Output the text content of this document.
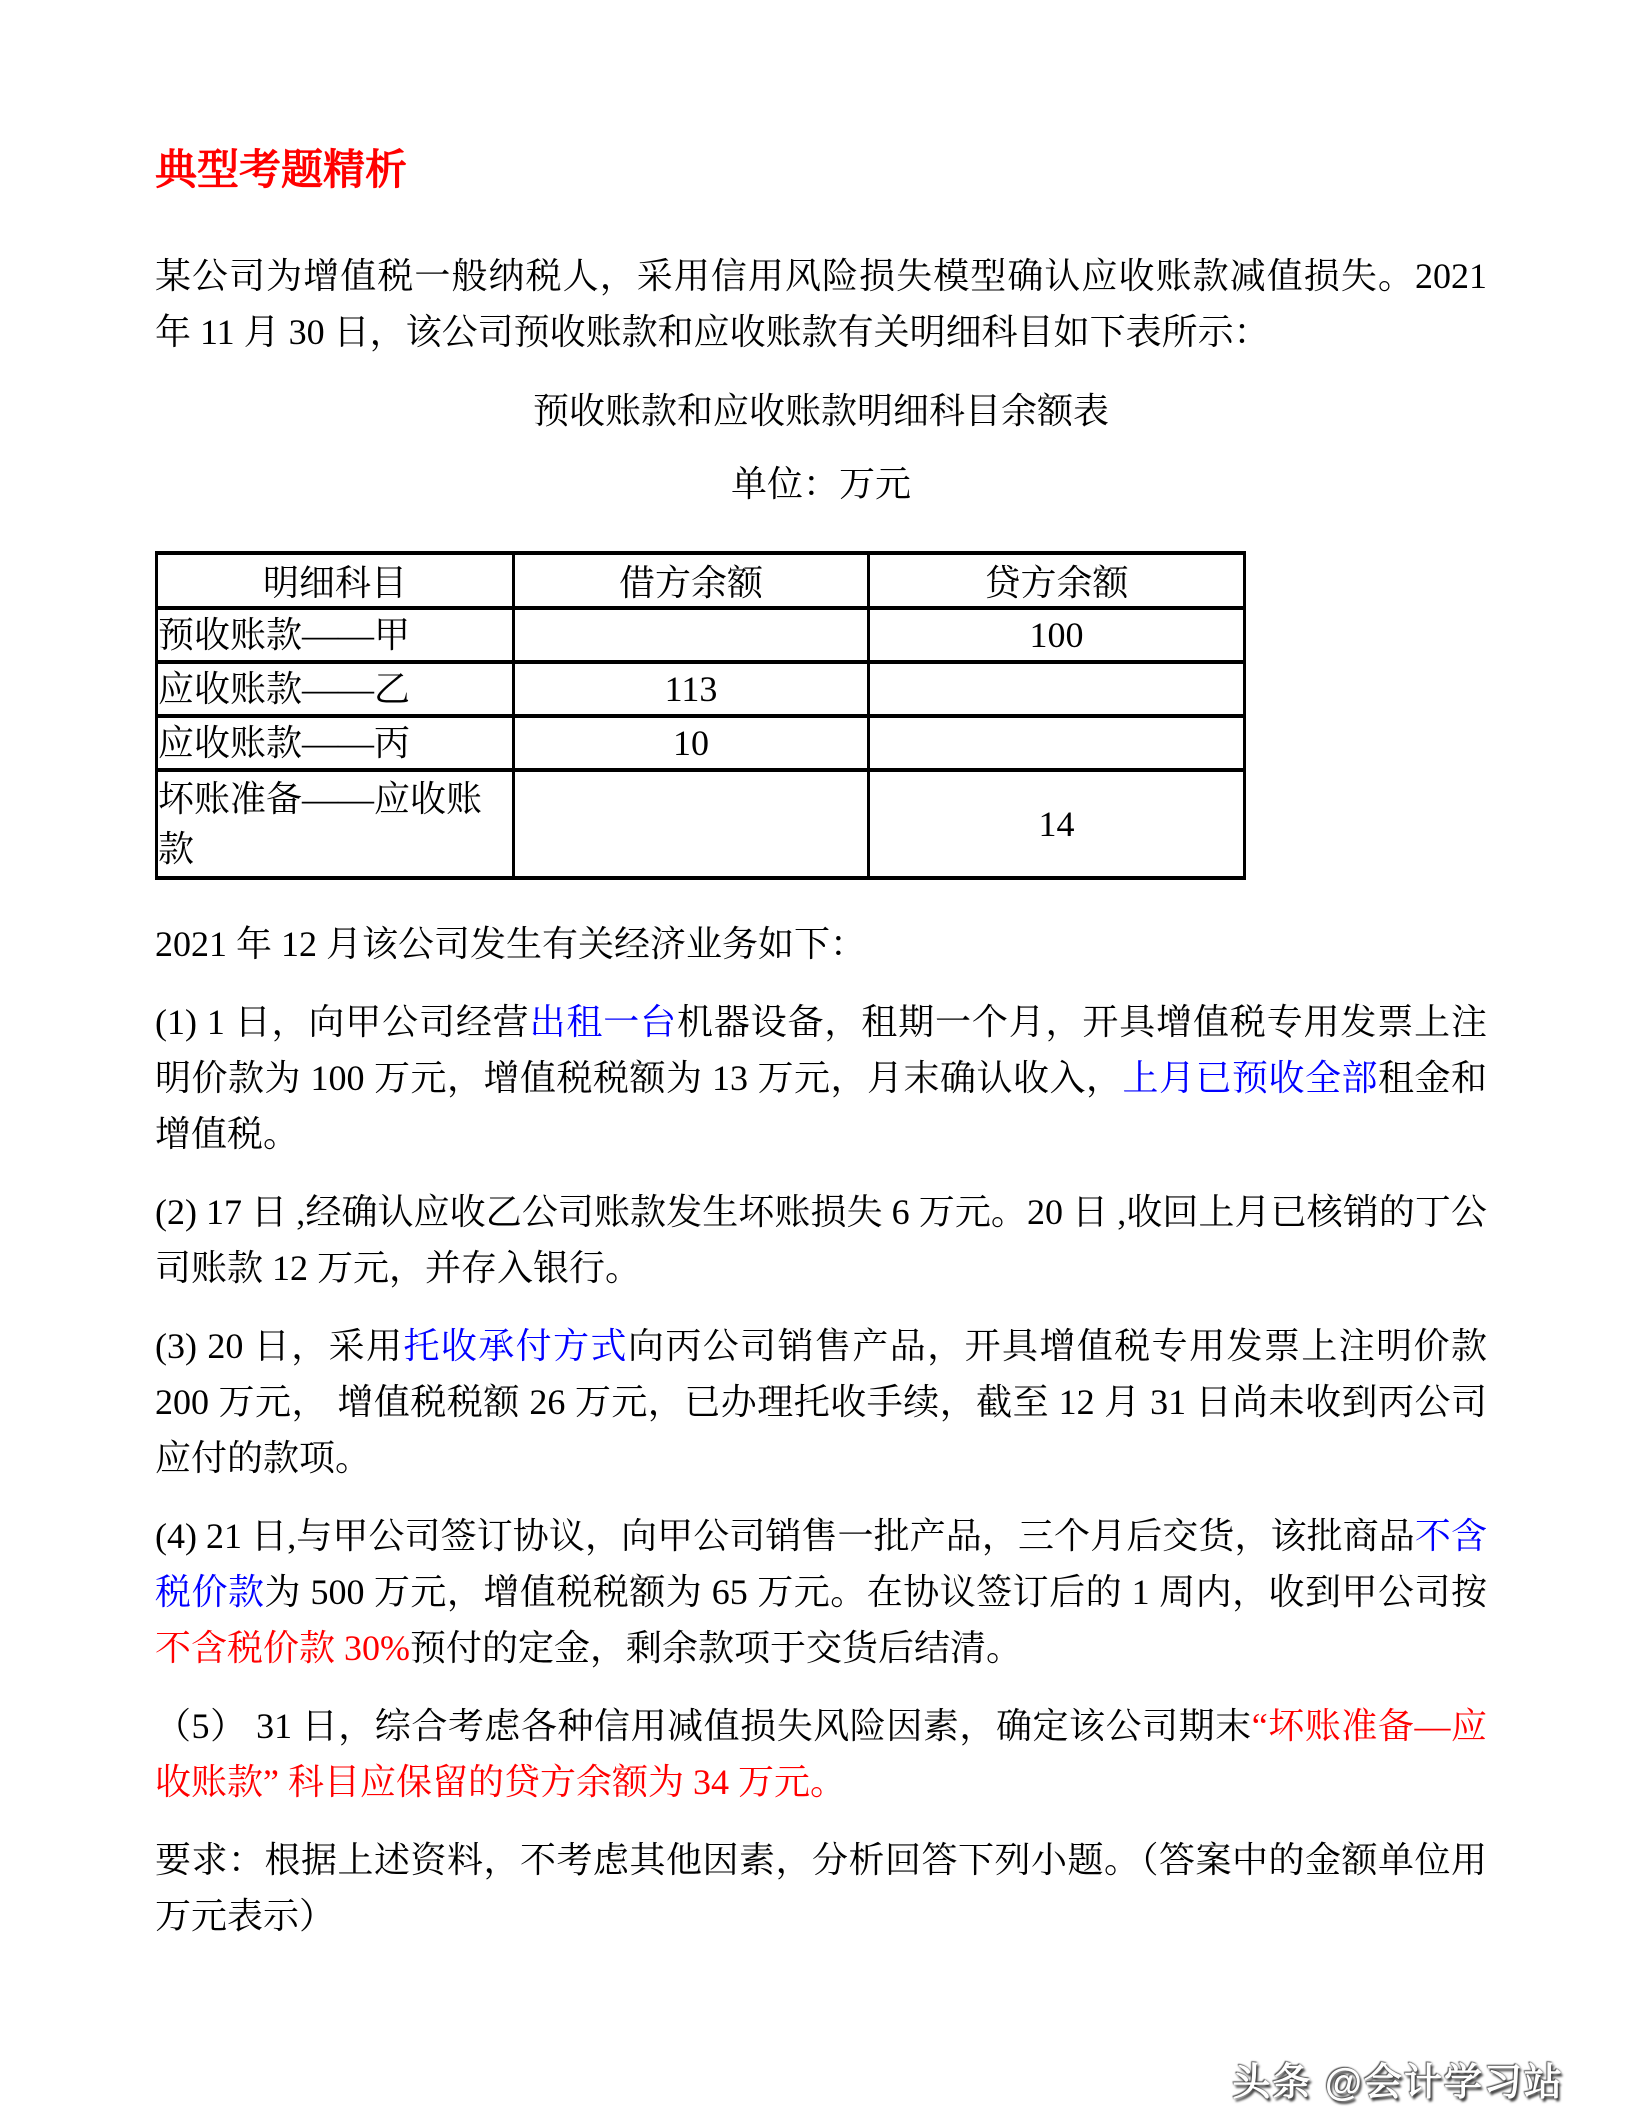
典型考题精析

某公司为增值税一般纳税人，采用信用风险损失模型确认应收账款减值损失。2021 年 11 月 30 日，该公司预收账款和应收账款有关明细科目如下表所示：

预收账款和应收账款明细科目余额表
单位：万元
明细科目	借方余额	贷方余额
预收账款——甲		100
应收账款——乙	113	
应收账款——丙	10	
坏账准备——应收账款		14

2021 年 12 月该公司发生有关经济业务如下：

(1) 1 日，向甲公司经营出租一台机器设备，租期一个月，开具增值税专用发票上注明价款为 100 万元，增值税税额为 13 万元，月末确认收入，上月已预收全部租金和增值税。

(2) 17 日 ,经确认应收乙公司账款发生坏账损失 6 万元。20 日 ,收回上月已核销的丁公司账款 12 万元，并存入银行。

(3) 20 日，采用托收承付方式向丙公司销售产品，开具增值税专用发票上注明价款 200 万元， 增值税税额 26 万元，已办理托收手续，截至 12 月 31 日尚未收到丙公司应付的款项。

(4) 21 日,与甲公司签订协议，向甲公司销售一批产品，三个月后交货，该批商品不含税价款为 500 万元，增值税税额为 65 万元。在协议签订后的 1 周内，收到甲公司按不含税价款 30%预付的定金，剩余款项于交货后结清。

（5） 31 日，综合考虑各种信用减值损失风险因素，确定该公司期末“坏账准备—应收账款” 科目应保留的贷方余额为 34 万元。

要求：根据上述资料，不考虑其他因素，分析回答下列小题。（答案中的金额单位用万元表示）

头条 @会计学习站
